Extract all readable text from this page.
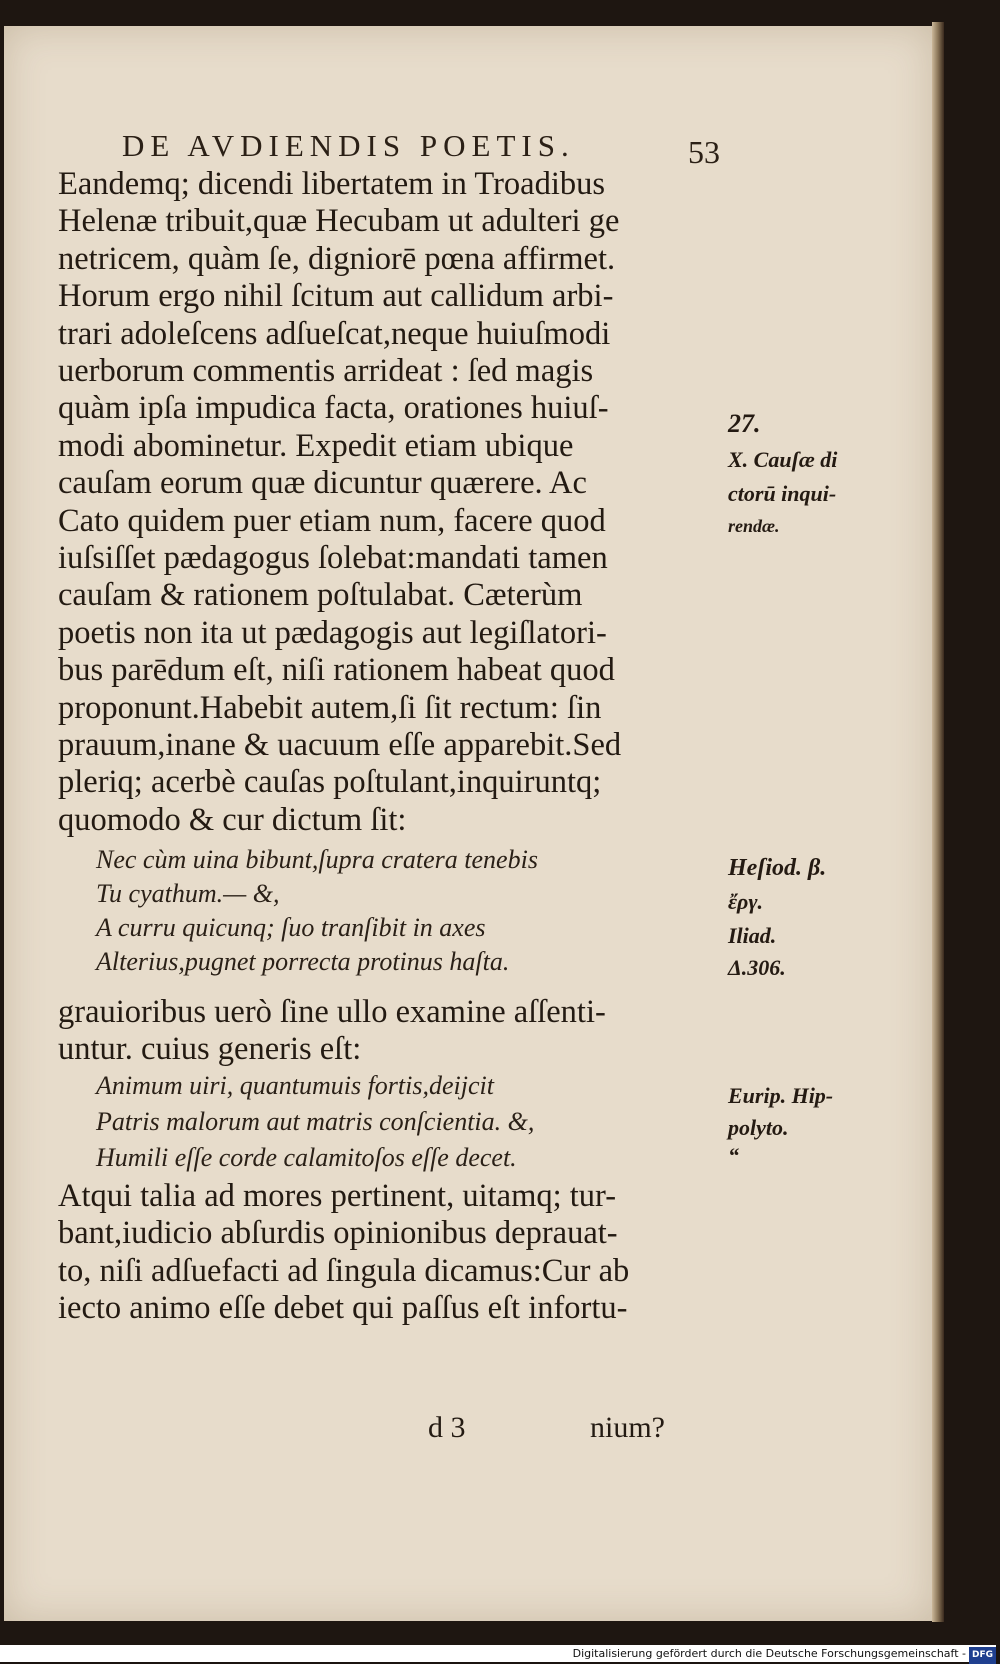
DE AVDIENDIS POETIS.	53
Eandemq; dicendi libertatem in Troadibus
Helenæ tribuit,quæ Hecubam ut adulteri ge
netricem, quàm ſe, digniorē pœna affirmet.
Horum ergo nihil ſcitum aut callidum arbi-
trari adoleſcens adſueſcat,neque huiuſmodi
uerborum commentis arrideat : ſed magis
quàm ipſa impudica facta, orationes huiuſ-
modi abominetur. Expedit etiam ubique
cauſam eorum quæ dicuntur quærere. Ac
Cato quidem puer etiam num, facere quod
iuſsiſſet pædagogus ſolebat:mandati tamen
cauſam & rationem poſtulabat. Cæterùm
poetis non ita ut pædagogis aut legiſlatori-
bus parēdum eſt, niſi rationem habeat quod
proponunt.Habebit autem,ſi ſit rectum: ſin
prauum,inane & uacuum eſſe apparebit.Sed
pleriq; acerbè cauſas poſtulant,inquiruntq;
quomodo & cur dictum ſit:
Nec cùm uina bibunt,ſupra cratera tenebis
Tu cyathum.— &,
A curru quicunq; ſuo tranſibit in axes
Alterius,pugnet porrecta protinus haſta.
grauioribus uerò ſine ullo examine aſſenti-
untur. cuius generis eſt:
Animum uiri, quantumuis fortis,deijcit
Patris malorum aut matris conſcientia. &,
Humili eſſe corde calamitoſos eſſe decet.
Atqui talia ad mores pertinent, uitamq; tur-
bant,iudicio abſurdis opinionibus deprauat-
to, niſi adſuefacti ad ſingula dicamus:Cur ab
iecto animo eſſe debet qui paſſus eſt infortu-
27.
X. Cauſæ di
ctorū inqui-
rendæ.
Heſiod. β.
ἔργ.
Iliad.
Δ.306.
Eurip. Hip-
polyto.
“
d 3	nium?
Digitalisierung gefördert durch die Deutsche Forschungsgemeinschaft - DFG
